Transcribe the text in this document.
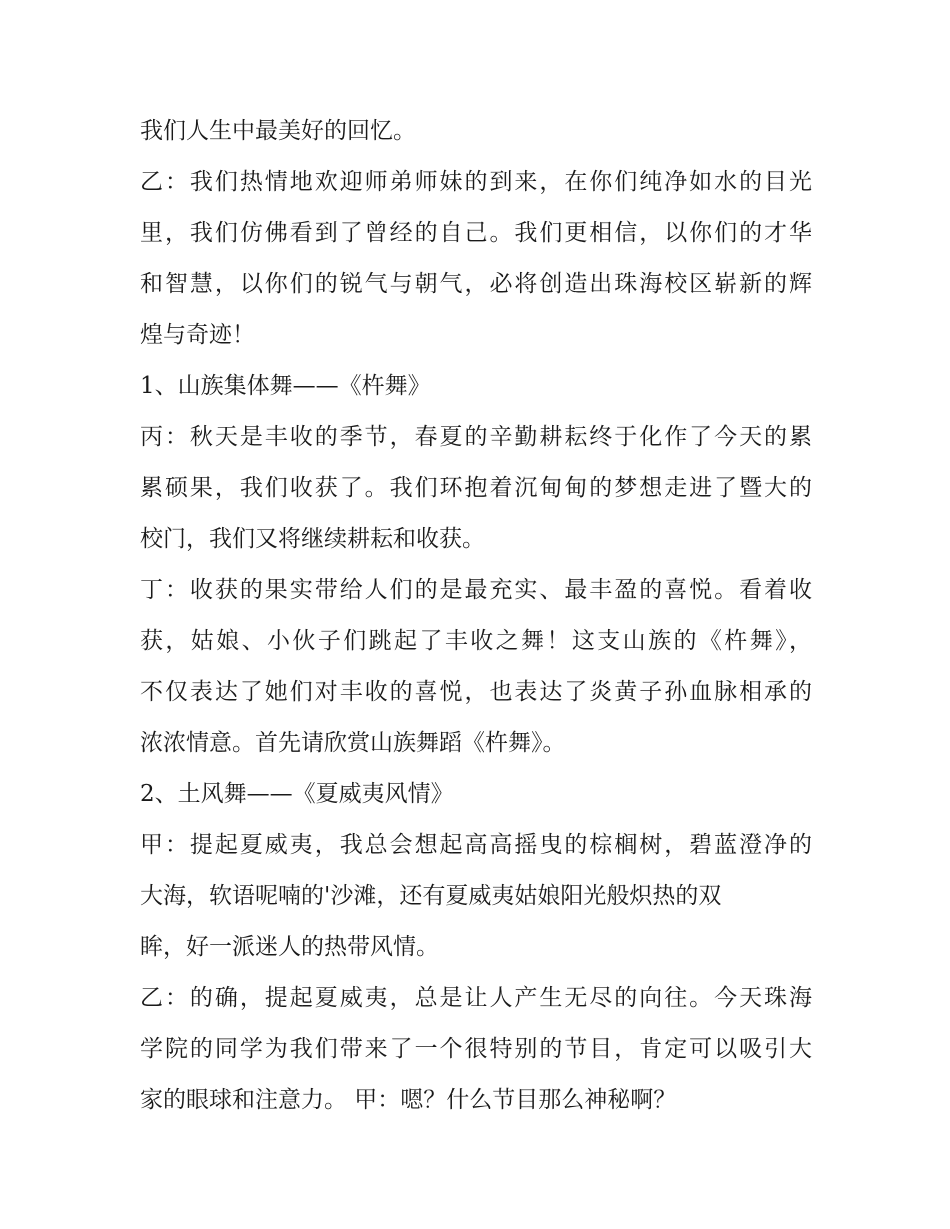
我们人生中最美好的回忆。
乙：我们热情地欢迎师弟师妹的到来，在你们纯净如水的目光
里，我们仿佛看到了曾经的自己。我们更相信，以你们的才华
和智慧，以你们的锐气与朝气，必将创造出珠海校区崭新的辉
煌与奇迹！
1、山族集体舞——《杵舞》
丙：秋天是丰收的季节，春夏的辛勤耕耘终于化作了今天的累
累硕果，我们收获了。我们环抱着沉甸甸的梦想走进了暨大的
校门，我们又将继续耕耘和收获。
丁：收获的果实带给人们的是最充实、最丰盈的喜悦。看着收
获，姑娘、小伙子们跳起了丰收之舞！这支山族的《杵舞》，
不仅表达了她们对丰收的喜悦，也表达了炎黄子孙血脉相承的
浓浓情意。首先请欣赏山族舞蹈《杵舞》。
2、土风舞——《夏威夷风情》
甲：提起夏威夷，我总会想起高高摇曳的棕榈树，碧蓝澄净的
大海，软语呢喃的'沙滩，还有夏威夷姑娘阳光般炽热的双
眸，好一派迷人的热带风情。
乙：的确，提起夏威夷，总是让人产生无尽的向往。今天珠海
学院的同学为我们带来了一个很特别的节目，肯定可以吸引大
家的眼球和注意力。 甲：嗯？什么节目那么神秘啊？
